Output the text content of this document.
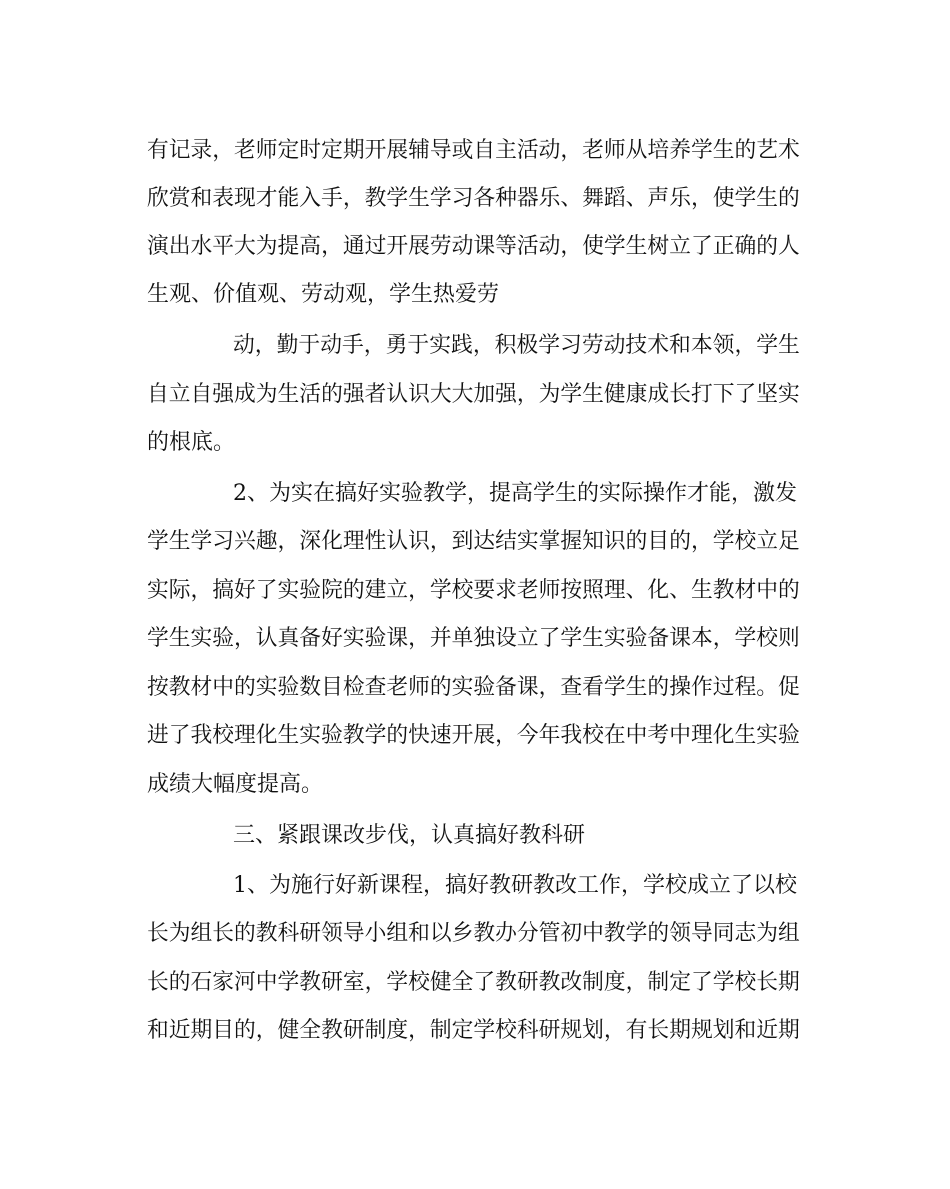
有记录，老师定时定期开展辅导或自主活动，老师从培养学生的艺术
欣赏和表现才能入手，教学生学习各种器乐、舞蹈、声乐，使学生的
演出水平大为提高，通过开展劳动课等活动，使学生树立了正确的人
生观、价值观、劳动观，学生热爱劳
动，勤于动手，勇于实践，积极学习劳动技术和本领，学生
自立自强成为生活的强者认识大大加强，为学生健康成长打下了坚实
的根底。
2、为实在搞好实验教学，提高学生的实际操作才能，激发
学生学习兴趣，深化理性认识，到达结实掌握知识的目的，学校立足
实际，搞好了实验院的建立，学校要求老师按照理、化、生教材中的
学生实验，认真备好实验课，并单独设立了学生实验备课本，学校则
按教材中的实验数目检查老师的实验备课，查看学生的操作过程。促
进了我校理化生实验教学的快速开展，今年我校在中考中理化生实验
成绩大幅度提高。
三、紧跟课改步伐，认真搞好教科研
1、为施行好新课程，搞好教研教改工作，学校成立了以校
长为组长的教科研领导小组和以乡教办分管初中教学的领导同志为组
长的石家河中学教研室，学校健全了教研教改制度，制定了学校长期
和近期目的，健全教研制度，制定学校科研规划，有长期规划和近期
